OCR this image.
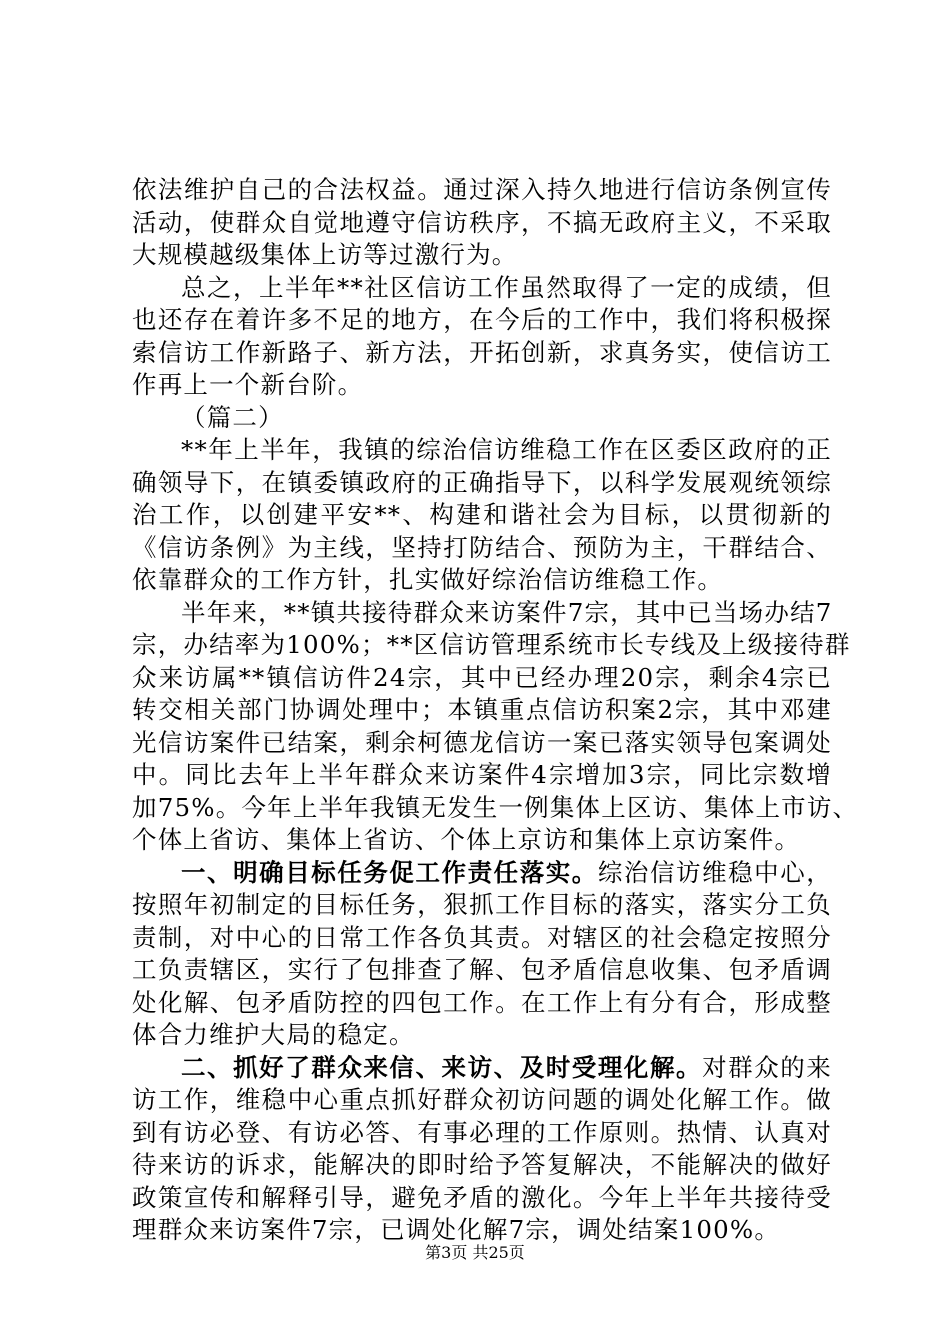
依法维护自己的合法权益。通过深入持久地进行信访条例宣传
活动，使群众自觉地遵守信访秩序，不搞无政府主义，不采取
大规模越级集体上访等过激行为。
总之，上半年**社区信访工作虽然取得了一定的成绩，但
也还存在着许多不足的地方，在今后的工作中，我们将积极探
索信访工作新路子、新方法，开拓创新，求真务实，使信访工
作再上一个新台阶。
（篇二）
**年上半年，我镇的综治信访维稳工作在区委区政府的正
确领导下，在镇委镇政府的正确指导下，以科学发展观统领综
治工作，以创建平安**、构建和谐社会为目标，以贯彻新的
《信访条例》为主线，坚持打防结合、预防为主，干群结合、
依靠群众的工作方针，扎实做好综治信访维稳工作。
半年来，**镇共接待群众来访案件7宗，其中已当场办结7
宗，办结率为100%；**区信访管理系统市长专线及上级接待群
众来访属**镇信访件24宗，其中已经办理20宗，剩余4宗已
转交相关部门协调处理中；本镇重点信访积案2宗，其中邓建
光信访案件已结案，剩余柯德龙信访一案已落实领导包案调处
中。同比去年上半年群众来访案件4宗增加3宗，同比宗数增
加75%。今年上半年我镇无发生一例集体上区访、集体上市访、
个体上省访、集体上省访、个体上京访和集体上京访案件。
一、明确目标任务促工作责任落实。综治信访维稳中心，
按照年初制定的目标任务，狠抓工作目标的落实，落实分工负
责制，对中心的日常工作各负其责。对辖区的社会稳定按照分
工负责辖区，实行了包排查了解、包矛盾信息收集、包矛盾调
处化解、包矛盾防控的四包工作。在工作上有分有合，形成整
体合力维护大局的稳定。
二、抓好了群众来信、来访、及时受理化解。对群众的来
访工作，维稳中心重点抓好群众初访问题的调处化解工作。做
到有访必登、有访必答、有事必理的工作原则。热情、认真对
待来访的诉求，能解决的即时给予答复解决，不能解决的做好
政策宣传和解释引导，避免矛盾的激化。今年上半年共接待受
理群众来访案件7宗，已调处化解7宗，调处结案100%。
第3页 共25页
